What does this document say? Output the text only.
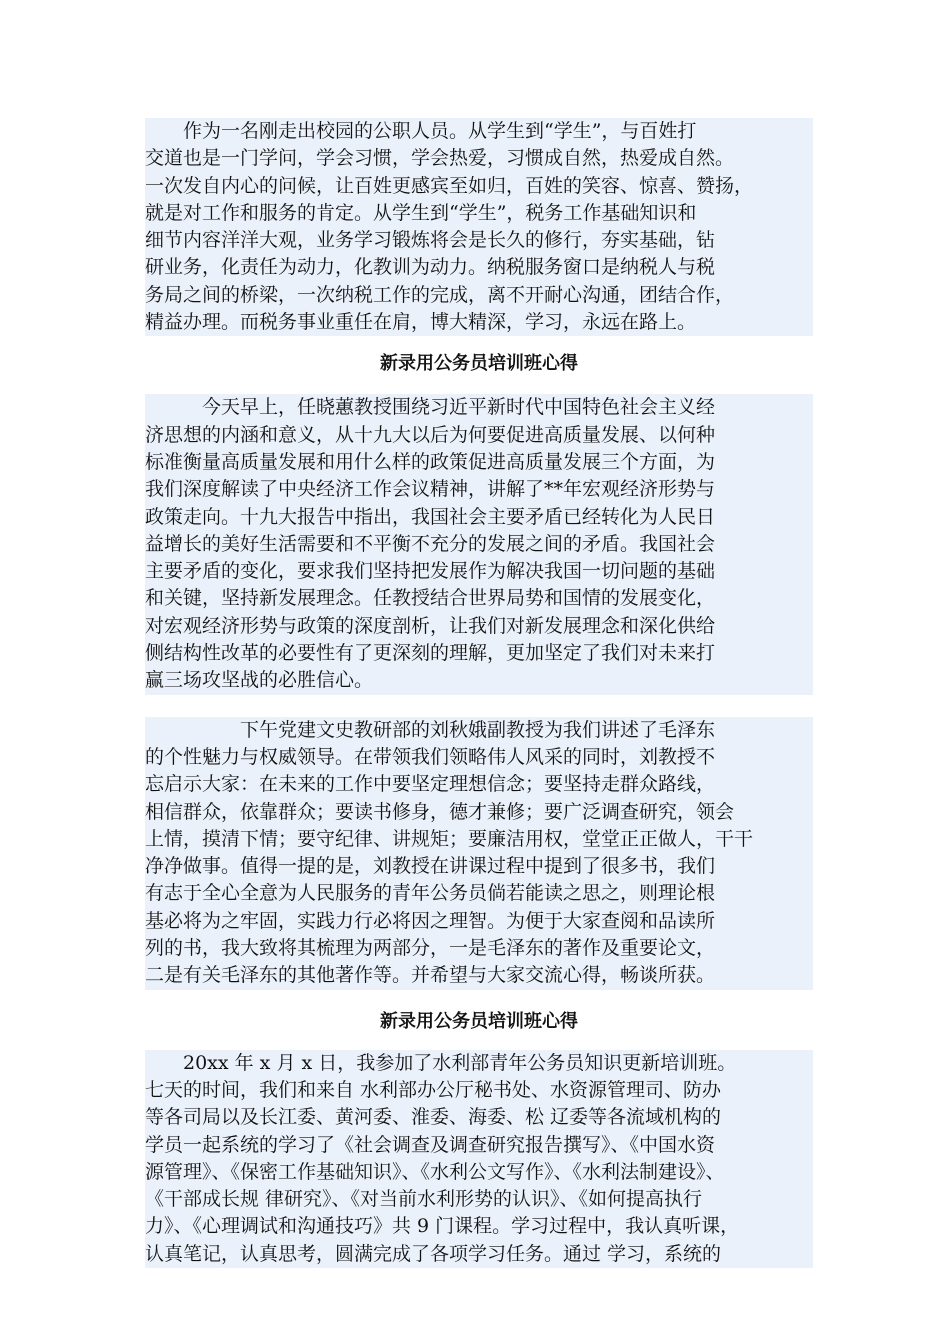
　　作为一名刚走出校园的公职人员。从学生到“学生”，与百姓打
交道也是一门学问，学会习惯，学会热爱，习惯成自然，热爱成自然。
一次发自内心的问候，让百姓更感宾至如归，百姓的笑容、惊喜、赞扬，
就是对工作和服务的肯定。从学生到“学生”，税务工作基础知识和
细节内容洋洋大观，业务学习锻炼将会是长久的修行，夯实基础，钻
研业务，化责任为动力，化教训为动力。纳税服务窗口是纳税人与税
务局之间的桥梁，一次纳税工作的完成，离不开耐心沟通，团结合作，
精益办理。而税务事业重任在肩，博大精深，学习，永远在路上。
新录用公务员培训班心得
　　　今天早上，任晓蕙教授围绕习近平新时代中国特色社会主义经
济思想的内涵和意义，从十九大以后为何要促进高质量发展、以何种
标准衡量高质量发展和用什么样的政策促进高质量发展三个方面，为
我们深度解读了中央经济工作会议精神，讲解了**年宏观经济形势与
政策走向。十九大报告中指出，我国社会主要矛盾已经转化为人民日
益增长的美好生活需要和不平衡不充分的发展之间的矛盾。我国社会
主要矛盾的变化，要求我们坚持把发展作为解决我国一切问题的基础
和关键，坚持新发展理念。任教授结合世界局势和国情的发展变化，
对宏观经济形势与政策的深度剖析，让我们对新发展理念和深化供给
侧结构性改革的必要性有了更深刻的理解，更加坚定了我们对未来打
赢三场攻坚战的必胜信心。
　　　　　下午党建文史教研部的刘秋娥副教授为我们讲述了毛泽东
的个性魅力与权威领导。在带领我们领略伟人风采的同时，刘教授不
忘启示大家：在未来的工作中要坚定理想信念；要坚持走群众路线，
相信群众，依靠群众；要读书修身，德才兼修；要广泛调查研究，领会
上情，摸清下情；要守纪律、讲规矩；要廉洁用权，堂堂正正做人，干干
净净做事。值得一提的是，刘教授在讲课过程中提到了很多书，我们
有志于全心全意为人民服务的青年公务员倘若能读之思之，则理论根
基必将为之牢固，实践力行必将因之理智。为便于大家查阅和品读所
列的书，我大致将其梳理为两部分，一是毛泽东的著作及重要论文，
二是有关毛泽东的其他著作等。并希望与大家交流心得，畅谈所获。
新录用公务员培训班心得
　　20xx 年 x 月 x 日，我参加了水利部青年公务员知识更新培训班。
七天的时间，我们和来自 水利部办公厅秘书处、水资源管理司、防办
等各司局以及长江委、黄河委、淮委、海委、松 辽委等各流域机构的
学员一起系统的学习了《社会调查及调查研究报告撰写》、《中国水资
源管理》、《保密工作基础知识》、《水利公文写作》、《水利法制建设》、
《干部成长规 律研究》、《对当前水利形势的认识》、《如何提高执行
力》、《心理调试和沟通技巧》共 9 门课程。学习过程中，我认真听课，
认真笔记，认真思考，圆满完成了各项学习任务。通过 学习，系统的
